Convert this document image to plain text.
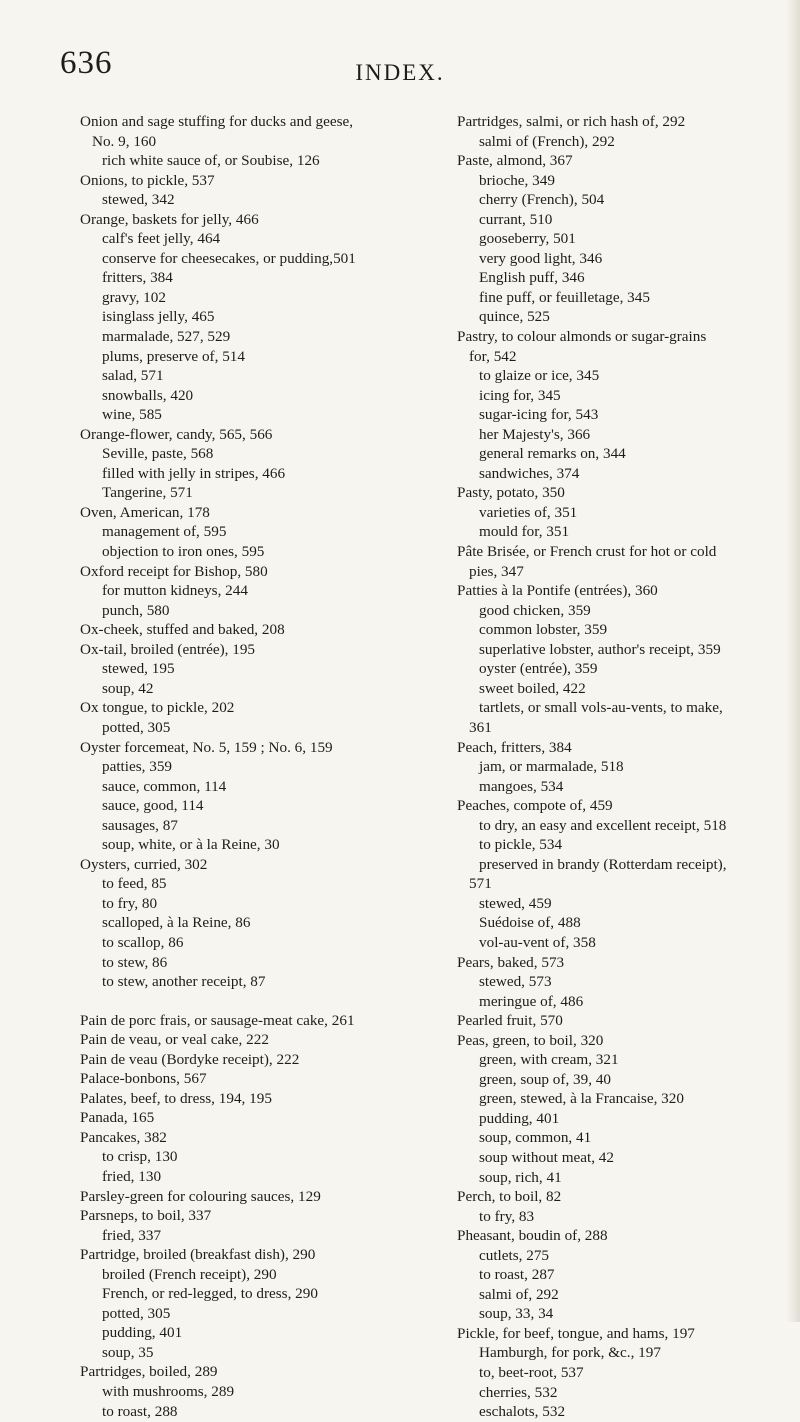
636	INDEX.
Onion and sage stuffing for ducks and geese,
No. 9, 160
rich white sauce of, or Soubise, 126
Onions, to pickle, 537
stewed, 342
Orange, baskets for jelly, 466
calf's feet jelly, 464
conserve for cheesecakes, or pudding,501
fritters, 384
gravy, 102
isinglass jelly, 465
marmalade, 527, 529
plums, preserve of, 514
salad, 571
snowballs, 420
wine, 585
Orange-flower, candy, 565, 566
Seville, paste, 568
filled with jelly in stripes, 466
Tangerine, 571
Oven, American, 178
management of, 595
objection to iron ones, 595
Oxford receipt for Bishop, 580
for mutton kidneys, 244
punch, 580
Ox-cheek, stuffed and baked, 208
Ox-tail, broiled (entrée), 195
stewed, 195
soup, 42
Ox tongue, to pickle, 202
potted, 305
Oyster forcemeat, No. 5, 159 ; No. 6, 159
patties, 359
sauce, common, 114
sauce, good, 114
sausages, 87
soup, white, or à la Reine, 30
Oysters, curried, 302
to feed, 85
to fry, 80
scalloped, à la Reine, 86
to scallop, 86
to stew, 86
to stew, another receipt, 87
Pain de porc frais, or sausage-meat cake, 261
Pain de veau, or veal cake, 222
Pain de veau (Bordyke receipt), 222
Palace-bonbons, 567
Palates, beef, to dress, 194, 195
Panada, 165
Pancakes, 382
to crisp, 130
fried, 130
Parsley-green for colouring sauces, 129
Parsneps, to boil, 337
fried, 337
Partridge, broiled (breakfast dish), 290
broiled (French receipt), 290
French, or red-legged, to dress, 290
potted, 305
pudding, 401
soup, 35
Partridges, boiled, 289
with mushrooms, 289
to roast, 288
Partridges, salmi, or rich hash of, 292
salmi of (French), 292
Paste, almond, 367
brioche, 349
cherry (French), 504
currant, 510
gooseberry, 501
very good light, 346
English puff, 346
fine puff, or feuilletage, 345
quince, 525
Pastry, to colour almonds or sugar-grains
for, 542
to glaize or ice, 345
icing for, 345
sugar-icing for, 543
her Majesty's, 366
general remarks on, 344
sandwiches, 374
Pasty, potato, 350
varieties of, 351
mould for, 351
Pâte Brisée, or French crust for hot or cold
pies, 347
Patties à la Pontife (entrées), 360
good chicken, 359
common lobster, 359
superlative lobster, author's receipt, 359
oyster (entrée), 359
sweet boiled, 422
tartlets, or small vols-au-vents, to make,
361
Peach, fritters, 384
jam, or marmalade, 518
mangoes, 534
Peaches, compote of, 459
to dry, an easy and excellent receipt, 518
to pickle, 534
preserved in brandy (Rotterdam receipt),
571
stewed, 459
Suédoise of, 488
vol-au-vent of, 358
Pears, baked, 573
stewed, 573
meringue of, 486
Pearled fruit, 570
Peas, green, to boil, 320
green, with cream, 321
green, soup of, 39, 40
green, stewed, à la Francaise, 320
pudding, 401
soup, common, 41
soup without meat, 42
soup, rich, 41
Perch, to boil, 82
to fry, 83
Pheasant, boudin of, 288
cutlets, 275
to roast, 287
salmi of, 292
soup, 33, 34
Pickle, for beef, tongue, and hams, 197
Hamburgh, for pork, &c., 197
to, beet-root, 537
cherries, 532
eschalots, 532
